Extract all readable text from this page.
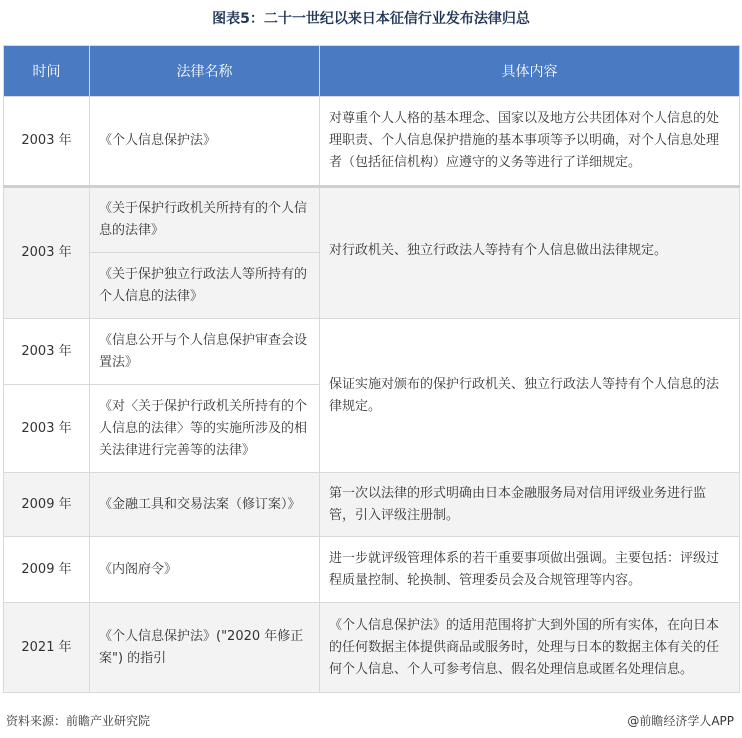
图表5：二十一世纪以来日本征信行业发布法律归总
时间	法律名称	具体内容
2003 年	《个人信息保护法》	对尊重个人人格的基本理念、国家以及地方公共团体对个人信息的处理职责、个人信息保护措施的基本事项等予以明确，对个人信息处理者（包括征信机构）应遵守的义务等进行了详细规定。
2003 年	《关于保护行政机关所持有的个人信息的法律》	对行政机关、独立行政法人等持有个人信息做出法律规定。
	《关于保护独立行政法人等所持有的个人信息的法律》	
2003 年	《信息公开与个人信息保护审查会设置法》	保证实施对颁布的保护行政机关、独立行政法人等持有个人信息的法律规定。
2003 年	《对〈关于保护行政机关所持有的个人信息的法律〉等的实施所涉及的相关法律进行完善等的法律》	
2009 年	《金融工具和交易法案（修订案）》	第一次以法律的形式明确由日本金融服务局对信用评级业务进行监管，引入评级注册制。
2009 年	《内阁府令》	进一步就评级管理体系的若干重要事项做出强调。主要包括：评级过程质量控制、轮换制、管理委员会及合规管理等内容。
2021 年	《个人信息保护法》("2020 年修正案") 的指引	《个人信息保护法》的适用范围将扩大到外国的所有实体，在向日本的任何数据主体提供商品或服务时，处理与日本的数据主体有关的任何个人信息、个人可参考信息、假名处理信息或匿名处理信息。
资料来源：前瞻产业研究院	@前瞻经济学人APP
